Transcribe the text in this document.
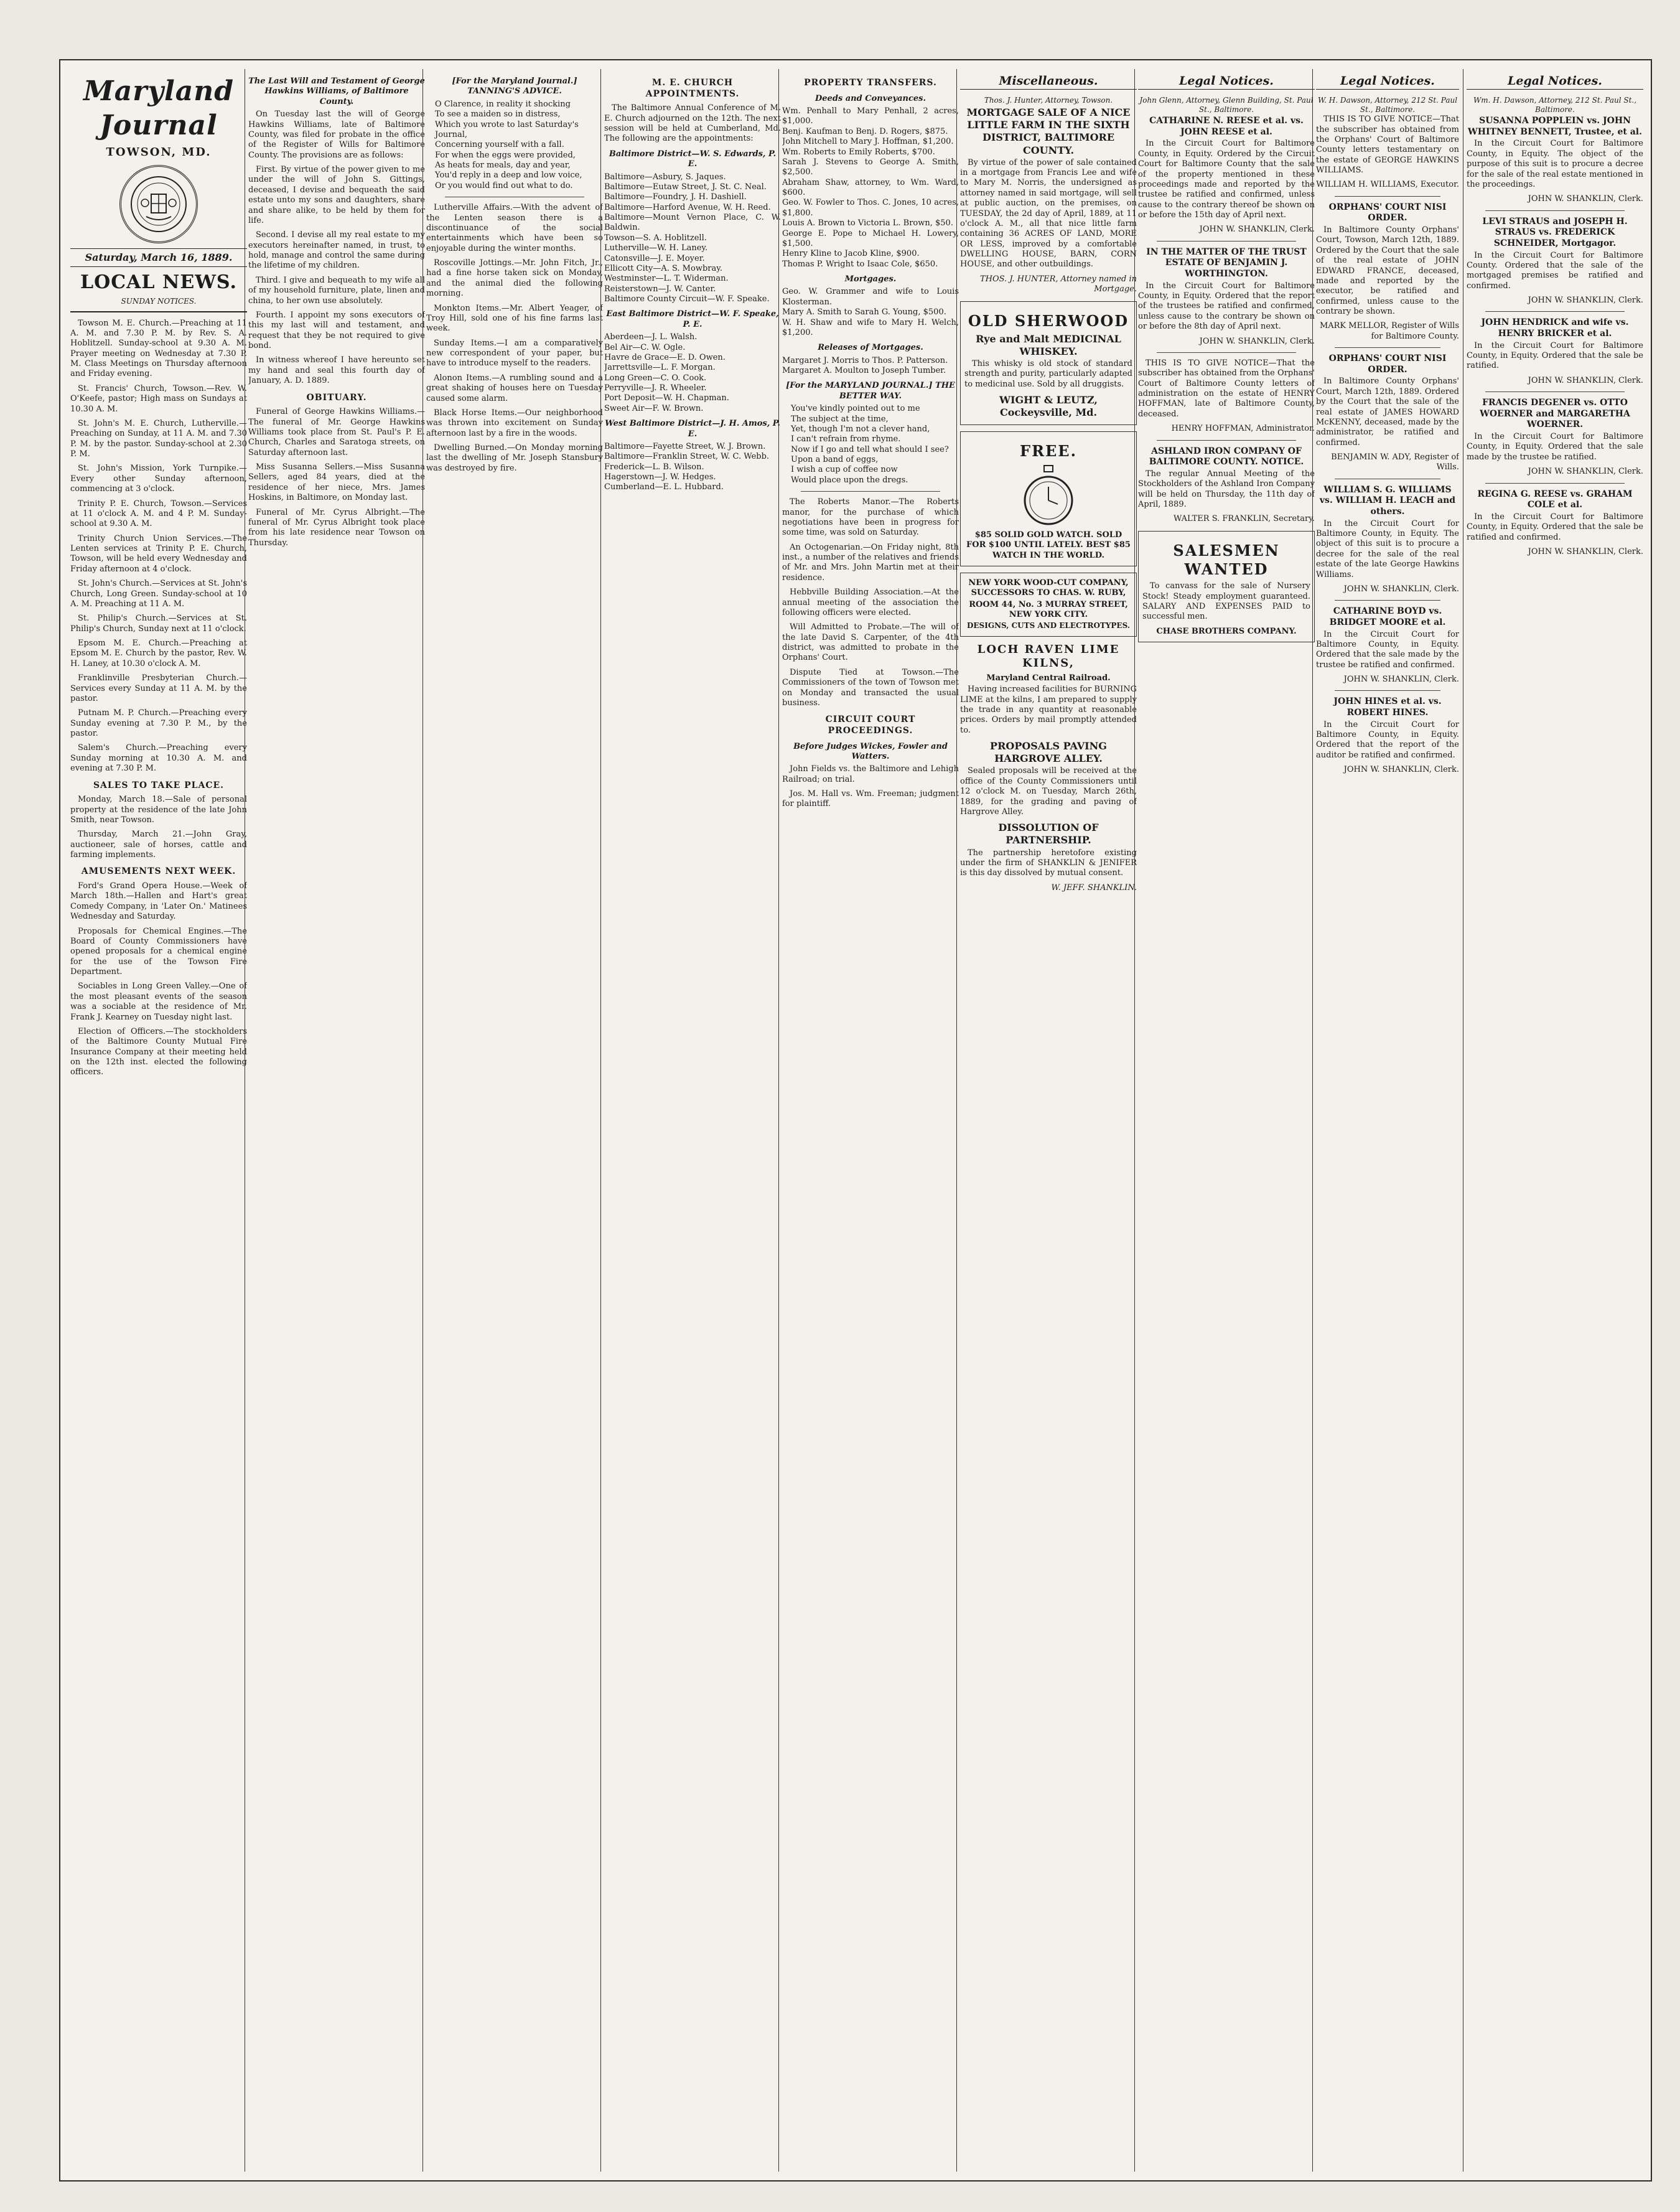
Maryland Journal
TOWSON, MD.
Saturday, March 16, 1889.
LOCAL NEWS.
SUNDAY NOTICES.

Towson M. E. Church.—Preaching at 11 A. M. and 7.30 P. M. by Rev. S. A. Hoblitzell. Sunday-school at 9.30 A. M. Prayer meeting on Wednesday at 7.30 P. M. Class Meetings on Thursday afternoon and Friday evening.

St. Francis' Church, Towson.—Rev. W. O'Keefe, pastor; High mass on Sundays at 10.30 A. M.

St. John's M. E. Church, Lutherville.—Preaching on Sunday, at 11 A. M. and 7.30 P. M. by the pastor. Sunday-school at 2.30 P. M.

St. John's Mission, York Turnpike.—Every other Sunday afternoon, commencing at 3 o'clock.

Trinity P. E. Church, Towson.—Services at 11 o'clock A. M. and 4 P. M. Sunday-school at 9.30 A. M.

Trinity Church Union Services.—The Lenten services at Trinity P. E. Church, Towson, will be held every Wednesday and Friday afternoon at 4 o'clock.

St. John's Church.—Services at St. John's Church, Long Green. Sunday-school at 10 A. M. Preaching at 11 A. M.

St. Philip's Church.—Services at St. Philip's Church, Sunday next at 11 o'clock.

Epsom M. E. Church.—Preaching at Epsom M. E. Church by the pastor, Rev. W. H. Laney, at 10.30 o'clock A. M.

Franklinville Presbyterian Church.—Services every Sunday at 11 A. M. by the pastor.

Putnam M. P. Church.—Preaching every Sunday evening at 7.30 P. M., by the pastor.

Salem's Church.—Preaching every Sunday morning at 10.30 A. M. and evening at 7.30 P. M.

SALES TO TAKE PLACE.

Monday, March 18.—Sale of personal property at the residence of the late John Smith, near Towson.

Thursday, March 21.—John Gray, auctioneer, sale of horses, cattle and farming implements.

AMUSEMENTS NEXT WEEK.

Ford's Grand Opera House.—Week of March 18th.—Hallen and Hart's great Comedy Company, in 'Later On.' Matinees Wednesday and Saturday.

Proposals for Chemical Engines.—The Board of County Commissioners have opened proposals for a chemical engine for the use of the Towson Fire Department.

Sociables in Long Green Valley.—One of the most pleasant events of the season was a sociable at the residence of Mr. Frank J. Kearney on Tuesday night last.

Election of Officers.—The stockholders of the Baltimore County Mutual Fire Insurance Company at their meeting held on the 12th inst. elected the following officers.

The Last Will and Testament of George Hawkins Williams, of Baltimore County.

On Tuesday last the will of George Hawkins Williams, late of Baltimore County, was filed for probate in the office of the Register of Wills for Baltimore County. The provisions are as follows:

First. By virtue of the power given to me under the will of John S. Gittings, deceased, I devise and bequeath the said estate unto my sons and daughters, share and share alike, to be held by them for life.

Second. I devise all my real estate to my executors hereinafter named, in trust, to hold, manage and control the same during the lifetime of my children.

Third. I give and bequeath to my wife all of my household furniture, plate, linen and china, to her own use absolutely.

Fourth. I appoint my sons executors of this my last will and testament, and request that they be not required to give bond.

In witness whereof I have hereunto set my hand and seal this fourth day of January, A. D. 1889.

OBITUARY.

Funeral of George Hawkins Williams.—The funeral of Mr. George Hawkins Williams took place from St. Paul's P. E. Church, Charles and Saratoga streets, on Saturday afternoon last.

Miss Susanna Sellers.—Miss Susanna Sellers, aged 84 years, died at the residence of her niece, Mrs. James Hoskins, in Baltimore, on Monday last.

Funeral of Mr. Cyrus Albright.—The funeral of Mr. Cyrus Albright took place from his late residence near Towson on Thursday.

[For the Maryland Journal.] TANNING'S ADVICE.
O Clarence, in reality it shocking
To see a maiden so in distress,
Which you wrote to last Saturday's Journal,
Concerning yourself with a fall.
For when the eggs were provided,
As heats for meals, day and year,
You'd reply in a deep and low voice,
Or you would find out what to do.

Lutherville Affairs.—With the advent of the Lenten season there is a discontinuance of the social entertainments which have been so enjoyable during the winter months.

Roscoville Jottings.—Mr. John Fitch, Jr., had a fine horse taken sick on Monday, and the animal died the following morning.

Monkton Items.—Mr. Albert Yeager, of Troy Hill, sold one of his fine farms last week.

Sunday Items.—I am a comparatively new correspondent of your paper, but have to introduce myself to the readers.

Alonon Items.—A rumbling sound and a great shaking of houses here on Tuesday caused some alarm.

Black Horse Items.—Our neighborhood was thrown into excitement on Sunday afternoon last by a fire in the woods.

Dwelling Burned.—On Monday morning last the dwelling of Mr. Joseph Stansbury was destroyed by fire.

M. E. CHURCH APPOINTMENTS.

The Baltimore Annual Conference of M. E. Church adjourned on the 12th. The next session will be held at Cumberland, Md. The following are the appointments:

Baltimore District—W. S. Edwards, P. E.
Baltimore—Asbury, S. Jaques.
Baltimore—Eutaw Street, J. St. C. Neal.
Baltimore—Foundry, J. H. Dashiell.
Baltimore—Harford Avenue, W. H. Reed.
Baltimore—Mount Vernon Place, C. W. Baldwin.
Towson—S. A. Hoblitzell.
Lutherville—W. H. Laney.
Catonsville—J. E. Moyer.
Ellicott City—A. S. Mowbray.
Westminster—L. T. Widerman.
Reisterstown—J. W. Canter.
Baltimore County Circuit—W. F. Speake.
East Baltimore District—W. F. Speake, P. E.
Aberdeen—J. L. Walsh.
Bel Air—C. W. Ogle.
Havre de Grace—E. D. Owen.
Jarrettsville—L. F. Morgan.
Long Green—C. O. Cook.
Perryville—J. R. Wheeler.
Port Deposit—W. H. Chapman.
Sweet Air—F. W. Brown.
West Baltimore District—J. H. Amos, P. E.
Baltimore—Fayette Street, W. J. Brown.
Baltimore—Franklin Street, W. C. Webb.
Frederick—L. B. Wilson.
Hagerstown—J. W. Hedges.
Cumberland—E. L. Hubbard.
PROPERTY TRANSFERS.
Deeds and Conveyances.
Wm. Penhall to Mary Penhall, 2 acres, $1,000.
Benj. Kaufman to Benj. D. Rogers, $875.
John Mitchell to Mary J. Hoffman, $1,200.
Wm. Roberts to Emily Roberts, $700.
Sarah J. Stevens to George A. Smith, $2,500.
Abraham Shaw, attorney, to Wm. Ward, $600.
Geo. W. Fowler to Thos. C. Jones, 10 acres, $1,800.
Louis A. Brown to Victoria L. Brown, $50.
George E. Pope to Michael H. Lowery, $1,500.
Henry Kline to Jacob Kline, $900.
Thomas P. Wright to Isaac Cole, $650.
Mortgages.
Geo. W. Grammer and wife to Louis Klosterman.
Mary A. Smith to Sarah G. Young, $500.
W. H. Shaw and wife to Mary H. Welch, $1,200.
Releases of Mortgages.
Margaret J. Morris to Thos. P. Patterson.
Margaret A. Moulton to Joseph Tumber.
[For the MARYLAND JOURNAL.] THE BETTER WAY.
You've kindly pointed out to me
The subject at the time,
Yet, though I'm not a clever hand,
I can't refrain from rhyme.
Now if I go and tell what should I see?
Upon a band of eggs,
I wish a cup of coffee now
Would place upon the dregs.

The Roberts Manor.—The Roberts manor, for the purchase of which negotiations have been in progress for some time, was sold on Saturday.

An Octogenarian.—On Friday night, 8th inst., a number of the relatives and friends of Mr. and Mrs. John Martin met at their residence.

Hebbville Building Association.—At the annual meeting of the association the following officers were elected.

Will Admitted to Probate.—The will of the late David S. Carpenter, of the 4th district, was admitted to probate in the Orphans' Court.

Dispute Tied at Towson.—The Commissioners of the town of Towson met on Monday and transacted the usual business.

CIRCUIT COURT PROCEEDINGS.
Before Judges Wickes, Fowler and Watters.

John Fields vs. the Baltimore and Lehigh Railroad; on trial.

Jos. M. Hall vs. Wm. Freeman; judgment for plaintiff.

Miscellaneous.
Thos. J. Hunter, Attorney, Towson.
MORTGAGE SALE OF A NICE LITTLE FARM IN THE SIXTH DISTRICT, BALTIMORE COUNTY.

By virtue of the power of sale contained in a mortgage from Francis Lee and wife to Mary M. Norris, the undersigned as attorney named in said mortgage, will sell at public auction, on the premises, on TUESDAY, the 2d day of April, 1889, at 11 o'clock A. M., all that nice little farm containing 36 ACRES OF LAND, MORE OR LESS, improved by a comfortable DWELLING HOUSE, BARN, CORN HOUSE, and other outbuildings.

THOS. J. HUNTER, Attorney named in Mortgage.
OLD SHERWOOD
Rye and Malt MEDICINAL WHISKEY.

This whisky is old stock of standard strength and purity, particularly adapted to medicinal use. Sold by all druggists.

WIGHT & LEUTZ, Cockeysville, Md.
FREE.
$85 SOLID GOLD WATCH. SOLD FOR $100 UNTIL LATELY. BEST $85 WATCH IN THE WORLD.
NEW YORK WOOD-CUT COMPANY, SUCCESSORS TO CHAS. W. RUBY,
ROOM 44, No. 3 MURRAY STREET, NEW YORK CITY.
DESIGNS, CUTS AND ELECTROTYPES.
LOCH RAVEN LIME KILNS,
Maryland Central Railroad.

Having increased facilities for BURNING LIME at the kilns, I am prepared to supply the trade in any quantity at reasonable prices. Orders by mail promptly attended to.

PROPOSALS PAVING HARGROVE ALLEY.

Sealed proposals will be received at the office of the County Commissioners until 12 o'clock M. on Tuesday, March 26th, 1889, for the grading and paving of Hargrove Alley.

DISSOLUTION OF PARTNERSHIP.

The partnership heretofore existing under the firm of SHANKLIN & JENIFER is this day dissolved by mutual consent.

W. JEFF. SHANKLIN.
Legal Notices.
John Glenn, Attorney, Glenn Building, St. Paul St., Baltimore.
CATHARINE N. REESE et al. vs. JOHN REESE et al.

In the Circuit Court for Baltimore County, in Equity. Ordered by the Circuit Court for Baltimore County that the sale of the property mentioned in these proceedings made and reported by the trustee be ratified and confirmed, unless cause to the contrary thereof be shown on or before the 15th day of April next.

JOHN W. SHANKLIN, Clerk.
IN THE MATTER OF THE TRUST ESTATE OF BENJAMIN J. WORTHINGTON.

In the Circuit Court for Baltimore County, in Equity. Ordered that the report of the trustees be ratified and confirmed, unless cause to the contrary be shown on or before the 8th day of April next.

JOHN W. SHANKLIN, Clerk.

THIS IS TO GIVE NOTICE—That the subscriber has obtained from the Orphans' Court of Baltimore County letters of administration on the estate of HENRY HOFFMAN, late of Baltimore County, deceased.

HENRY HOFFMAN, Administrator.
ASHLAND IRON COMPANY OF BALTIMORE COUNTY. NOTICE.

The regular Annual Meeting of the Stockholders of the Ashland Iron Company will be held on Thursday, the 11th day of April, 1889.

WALTER S. FRANKLIN, Secretary.
SALESMEN WANTED

To canvass for the sale of Nursery Stock! Steady employment guaranteed. SALARY AND EXPENSES PAID to successful men.

CHASE BROTHERS COMPANY.
Legal Notices.
W. H. Dawson, Attorney, 212 St. Paul St., Baltimore.

THIS IS TO GIVE NOTICE—That the subscriber has obtained from the Orphans' Court of Baltimore County letters testamentary on the estate of GEORGE HAWKINS WILLIAMS.

WILLIAM H. WILLIAMS, Executor.
ORPHANS' COURT NISI ORDER.

In Baltimore County Orphans' Court, Towson, March 12th, 1889. Ordered by the Court that the sale of the real estate of JOHN EDWARD FRANCE, deceased, made and reported by the executor, be ratified and confirmed, unless cause to the contrary be shown.

MARK MELLOR, Register of Wills for Baltimore County.
ORPHANS' COURT NISI ORDER.

In Baltimore County Orphans' Court, March 12th, 1889. Ordered by the Court that the sale of the real estate of JAMES HOWARD McKENNY, deceased, made by the administrator, be ratified and confirmed.

BENJAMIN W. ADY, Register of Wills.
WILLIAM S. G. WILLIAMS vs. WILLIAM H. LEACH and others.

In the Circuit Court for Baltimore County, in Equity. The object of this suit is to procure a decree for the sale of the real estate of the late George Hawkins Williams.

JOHN W. SHANKLIN, Clerk.
CATHARINE BOYD vs. BRIDGET MOORE et al.

In the Circuit Court for Baltimore County, in Equity. Ordered that the sale made by the trustee be ratified and confirmed.

JOHN W. SHANKLIN, Clerk.
JOHN HINES et al. vs. ROBERT HINES.

In the Circuit Court for Baltimore County, in Equity. Ordered that the report of the auditor be ratified and confirmed.

JOHN W. SHANKLIN, Clerk.
Legal Notices.
Wm. H. Dawson, Attorney, 212 St. Paul St., Baltimore.
SUSANNA POPPLEIN vs. JOHN WHITNEY BENNETT, Trustee, et al.

In the Circuit Court for Baltimore County, in Equity. The object of the purpose of this suit is to procure a decree for the sale of the real estate mentioned in the proceedings.

JOHN W. SHANKLIN, Clerk.
LEVI STRAUS and JOSEPH H. STRAUS vs. FREDERICK SCHNEIDER, Mortgagor.

In the Circuit Court for Baltimore County. Ordered that the sale of the mortgaged premises be ratified and confirmed.

JOHN W. SHANKLIN, Clerk.
JOHN HENDRICK and wife vs. HENRY BRICKER et al.

In the Circuit Court for Baltimore County, in Equity. Ordered that the sale be ratified.

JOHN W. SHANKLIN, Clerk.
FRANCIS DEGENER vs. OTTO WOERNER and MARGARETHA WOERNER.

In the Circuit Court for Baltimore County, in Equity. Ordered that the sale made by the trustee be ratified.

JOHN W. SHANKLIN, Clerk.
REGINA G. REESE vs. GRAHAM COLE et al.

In the Circuit Court for Baltimore County, in Equity. Ordered that the sale be ratified and confirmed.

JOHN W. SHANKLIN, Clerk.
